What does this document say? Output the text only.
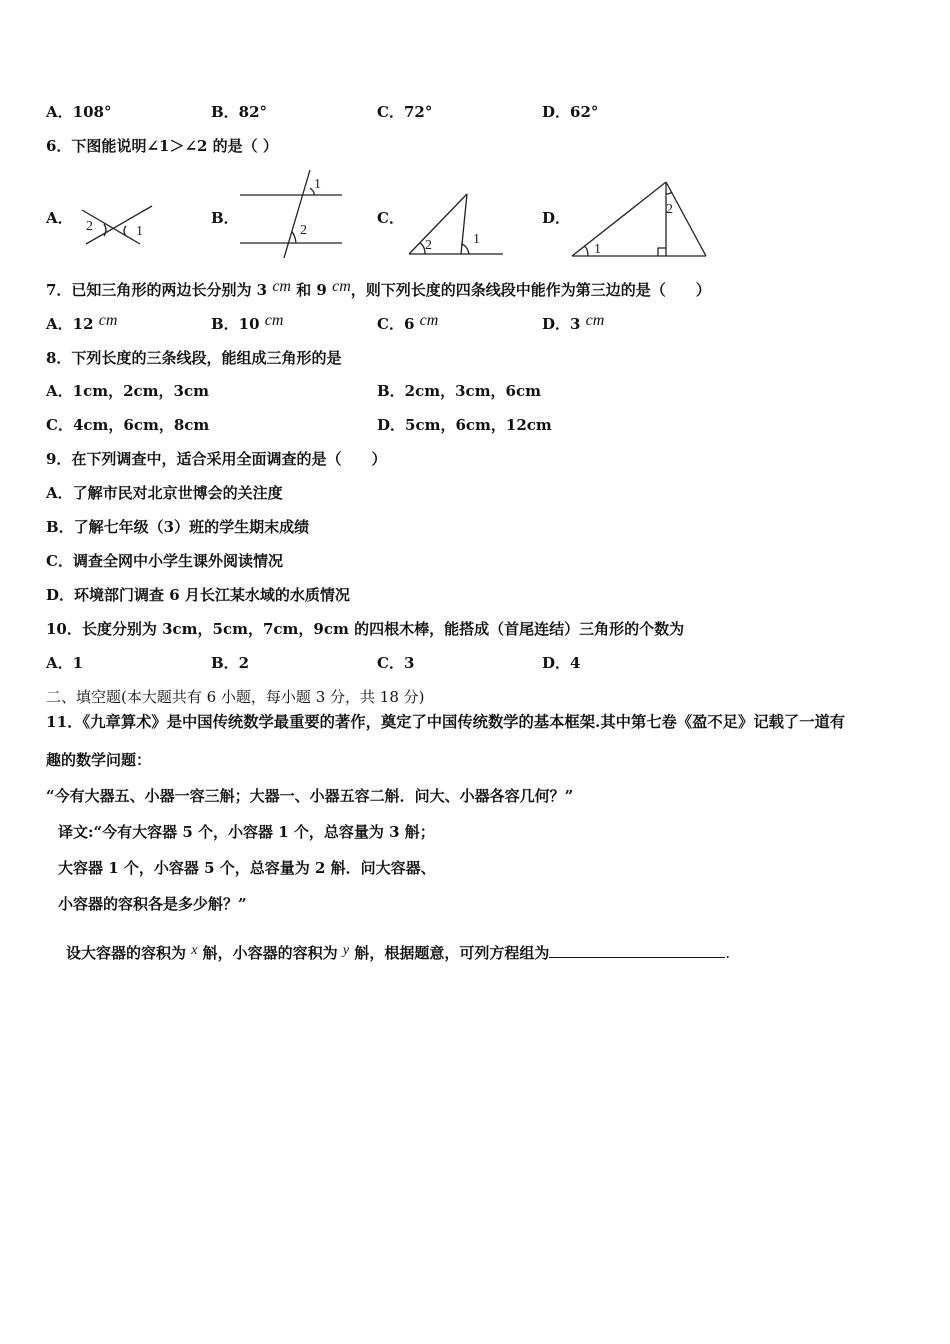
A．108°	B．82°	C．72°	D．62°
6．下图能说明∠1＞∠2 的是（ ）
A．	B．	C．	D．
2	1
1
2
2	1
2
1
7．已知三角形的两边长分别为 3 cm 和 9 cm，则下列长度的四条线段中能作为第三边的是（　　）
A．12 cm	B．10 cm	C．6 cm	D．3 cm
8．下列长度的三条线段，能组成三角形的是
A．1cm，2cm，3cm	B．2cm，3cm，6cm
C．4cm，6cm，8cm	D．5cm，6cm，12cm
9．在下列调查中，适合采用全面调查的是（　　）
A．了解市民对北京世博会的关注度
B．了解七年级（3）班的学生期末成绩
C．调查全网中小学生课外阅读情况
D．环境部门调查 6 月长江某水域的水质情况
10．长度分别为 3cm，5cm，7cm，9cm 的四根木棒，能搭成（首尾连结）三角形的个数为
A．1	B．2	C．3	D．4
二、填空题(本大题共有 6 小题，每小题 3 分，共 18 分)
11．《九章算术》是中国传统数学最重要的著作，奠定了中国传统数学的基本框架.其中第七卷《盈不足》记载了一道有
趣的数学问题：
“今有大器五、小器一容三斛；大器一、小器五容二斛．问大、小器各容几何？”
译文:“今有大容器 5 个，小容器 1 个，总容量为 3 斛；
大容器 1 个，小容器 5 个，总容量为 2 斛．问大容器、
小容器的容积各是多少斛？”
设大容器的容积为 x 斛，小容器的容积为 y 斛，根据题意，可列方程组为	.
